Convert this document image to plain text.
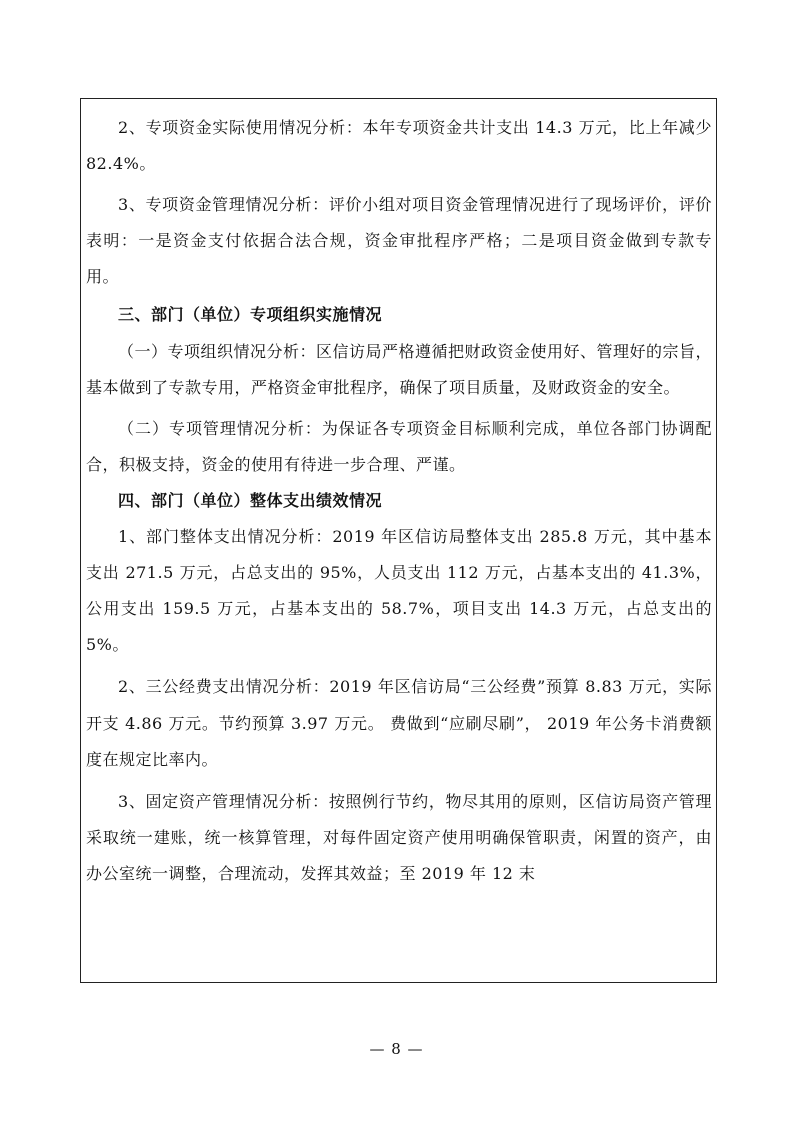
2、专项资金实际使用情况分析：本年专项资金共计支出 14.3 万元，比上年减少 82.4%。

3、专项资金管理情况分析：评价小组对项目资金管理情况进行了现场评价，评价表明：一是资金支付依据合法合规，资金审批程序严格；二是项目资金做到专款专用。

三、部门（单位）专项组织实施情况

（一）专项组织情况分析：区信访局严格遵循把财政资金使用好、管理好的宗旨，基本做到了专款专用，严格资金审批程序，确保了项目质量，及财政资金的安全。

（二）专项管理情况分析：为保证各专项资金目标顺利完成，单位各部门协调配合，积极支持，资金的使用有待进一步合理、严谨。

四、部门（单位）整体支出绩效情况

1、部门整体支出情况分析：2019 年区信访局整体支出 285.8 万元，其中基本支出 271.5 万元，占总支出的 95%，人员支出 112 万元，占基本支出的 41.3%，公用支出 159.5 万元，占基本支出的 58.7%，项目支出 14.3 万元，占总支出的 5%。

2、三公经费支出情况分析：2019 年区信访局“三公经费”预算 8.83 万元，实际开支 4.86 万元。节约预算 3.97 万元。 费做到“应刷尽刷”， 2019 年公务卡消费额度在规定比率内。

3、固定资产管理情况分析：按照例行节约，物尽其用的原则，区信访局资产管理采取统一建账，统一核算管理，对每件固定资产使用明确保管职责，闲置的资产，由办公室统一调整，合理流动，发挥其效益；至 2019 年 12 末

— 8 —
